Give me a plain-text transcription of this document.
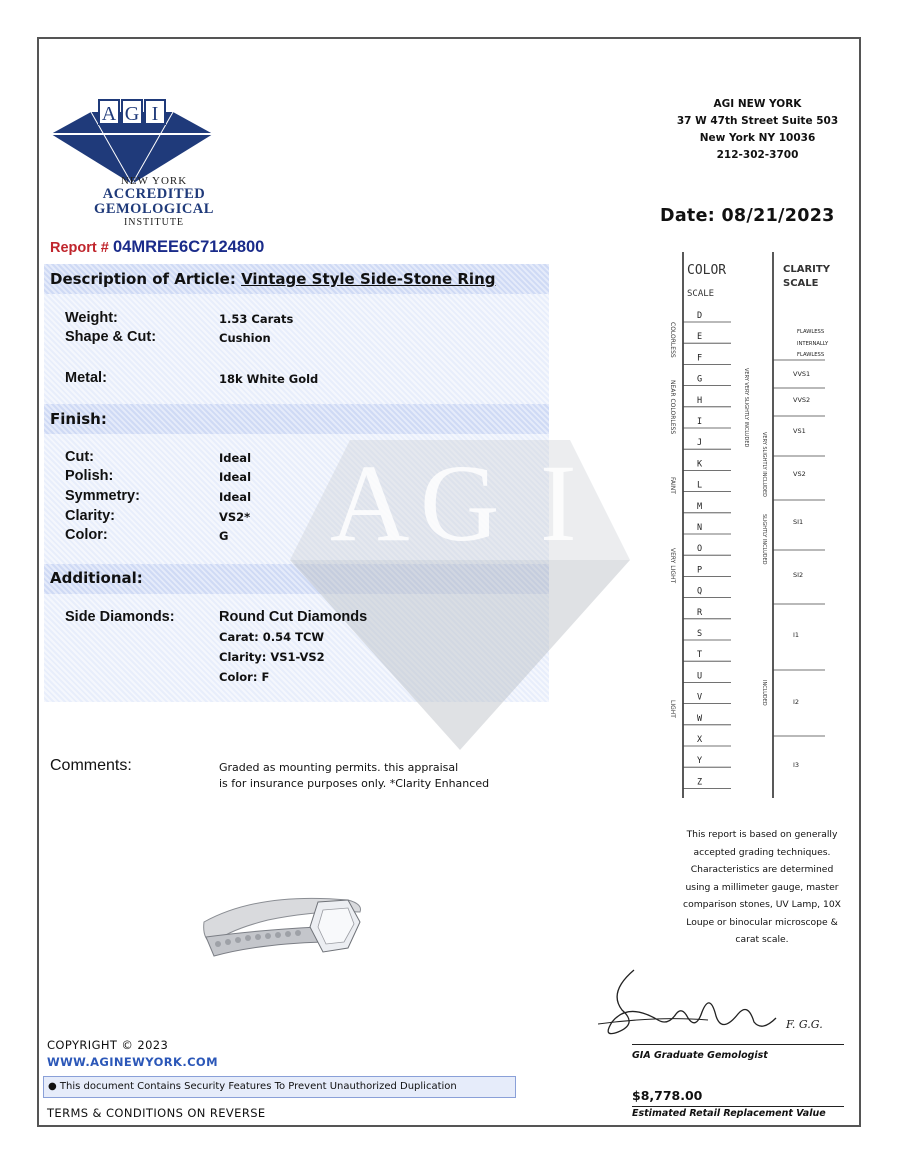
A G I
NEW YORK
ACCREDITED GEMOLOGICAL
INSTITUTE
AGI NEW YORK
37 W 47th Street Suite 503
New York NY 10036
212-302-3700
Date: 08/21/2023
Report # 04MREE6C7124800
A G I
Description of Article: Vintage Style Side-Stone Ring
Weight:	1.53 Carats
Shape & Cut:	Cushion
Metal:	18k White Gold
Finish:
Cut:	Ideal
Polish:	Ideal
Symmetry:	Ideal
Clarity:	VS2*
Color:	G
Additional:
Side Diamonds:	Round Cut Diamonds
Carat: 0.54 TCW
Clarity: VS1-VS2
Color: F
Comments:	Graded as mounting permits. this appraisal
is for insurance purposes only. *Clarity Enhanced
COLOR
SCALE
CLARITY
SCALE
D
E
F
G
H
I
J
K
L
M
N
O
P
Q
R
S
T
U
V
W
X
Y
Z
FLAWLESS
INTERNALLY
FLAWLESS
VVS1
VVS2
VS1
VS2
SI1
SI2
I1
I2
I3
COLORLESS
NEAR COLORLESS
FAINT
VERY LIGHT
LIGHT
VERY VERY SLIGHTLY INCLUDED
VERY SLIGHTLY INCLUDED
SLIGHTLY INCLUDED
INCLUDED
This report is based on generally
accepted grading techniques.
Characteristics are determined
using a millimeter gauge, master
comparison stones, UV Lamp, 10X
Loupe or binocular microscope &
carat scale.
F. G.G.
GIA Graduate Gemologist
$8,778.00
Estimated Retail Replacement Value
COPYRIGHT © 2023
WWW.AGINEWYORK.COM
● This document Contains Security Features To Prevent Unauthorized Duplication
TERMS & CONDITIONS ON REVERSE
